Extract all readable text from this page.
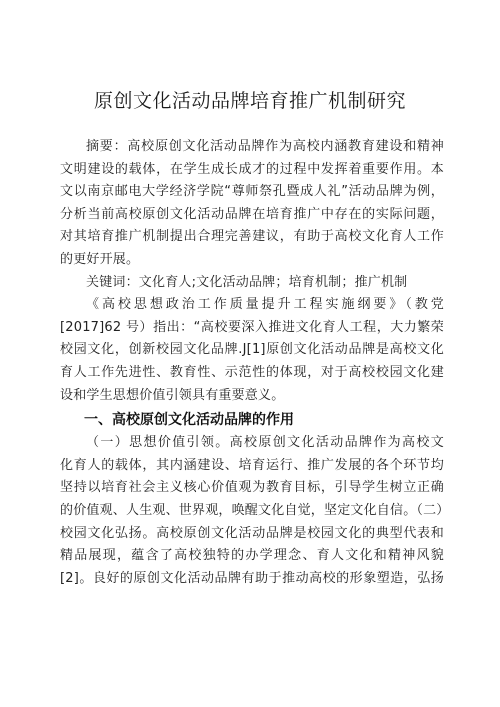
原创文化活动品牌培育推广机制研究
摘要：高校原创文化活动品牌作为高校内涵教育建设和精神
文明建设的载体，在学生成长成才的过程中发挥着重要作用。本
文以南京邮电大学经济学院“尊师祭孔暨成人礼”活动品牌为例，
分析当前高校原创文化活动品牌在培育推广中存在的实际问题，
对其培育推广机制提出合理完善建议，有助于高校文化育人工作
的更好开展。
关键词：文化育人;文化活动品牌；培育机制；推广机制
《高校思想政治工作质量提升工程实施纲要》（教党
[2017]62 号）指出：“高校要深入推进文化育人工程，大力繁荣
校园文化，创新校园文化品牌.J[1]原创文化活动品牌是高校文化
育人工作先进性、教育性、示范性的体现，对于高校校园文化建
设和学生思想价值引领具有重要意义。
一、高校原创文化活动品牌的作用
（一）思想价值引领。高校原创文化活动品牌作为高校文
化育人的载体，其内涵建设、培育运行、推广发展的各个环节均
坚持以培育社会主义核心价值观为教育目标，引导学生树立正确
的价值观、人生观、世界观，唤醒文化自觉，坚定文化自信。（二）
校园文化弘扬。高校原创文化活动品牌是校园文化的典型代表和
精品展现，蕴含了高校独特的办学理念、育人文化和精神风貌
[2]。良好的原创文化活动品牌有助于推动高校的形象塑造，弘扬
